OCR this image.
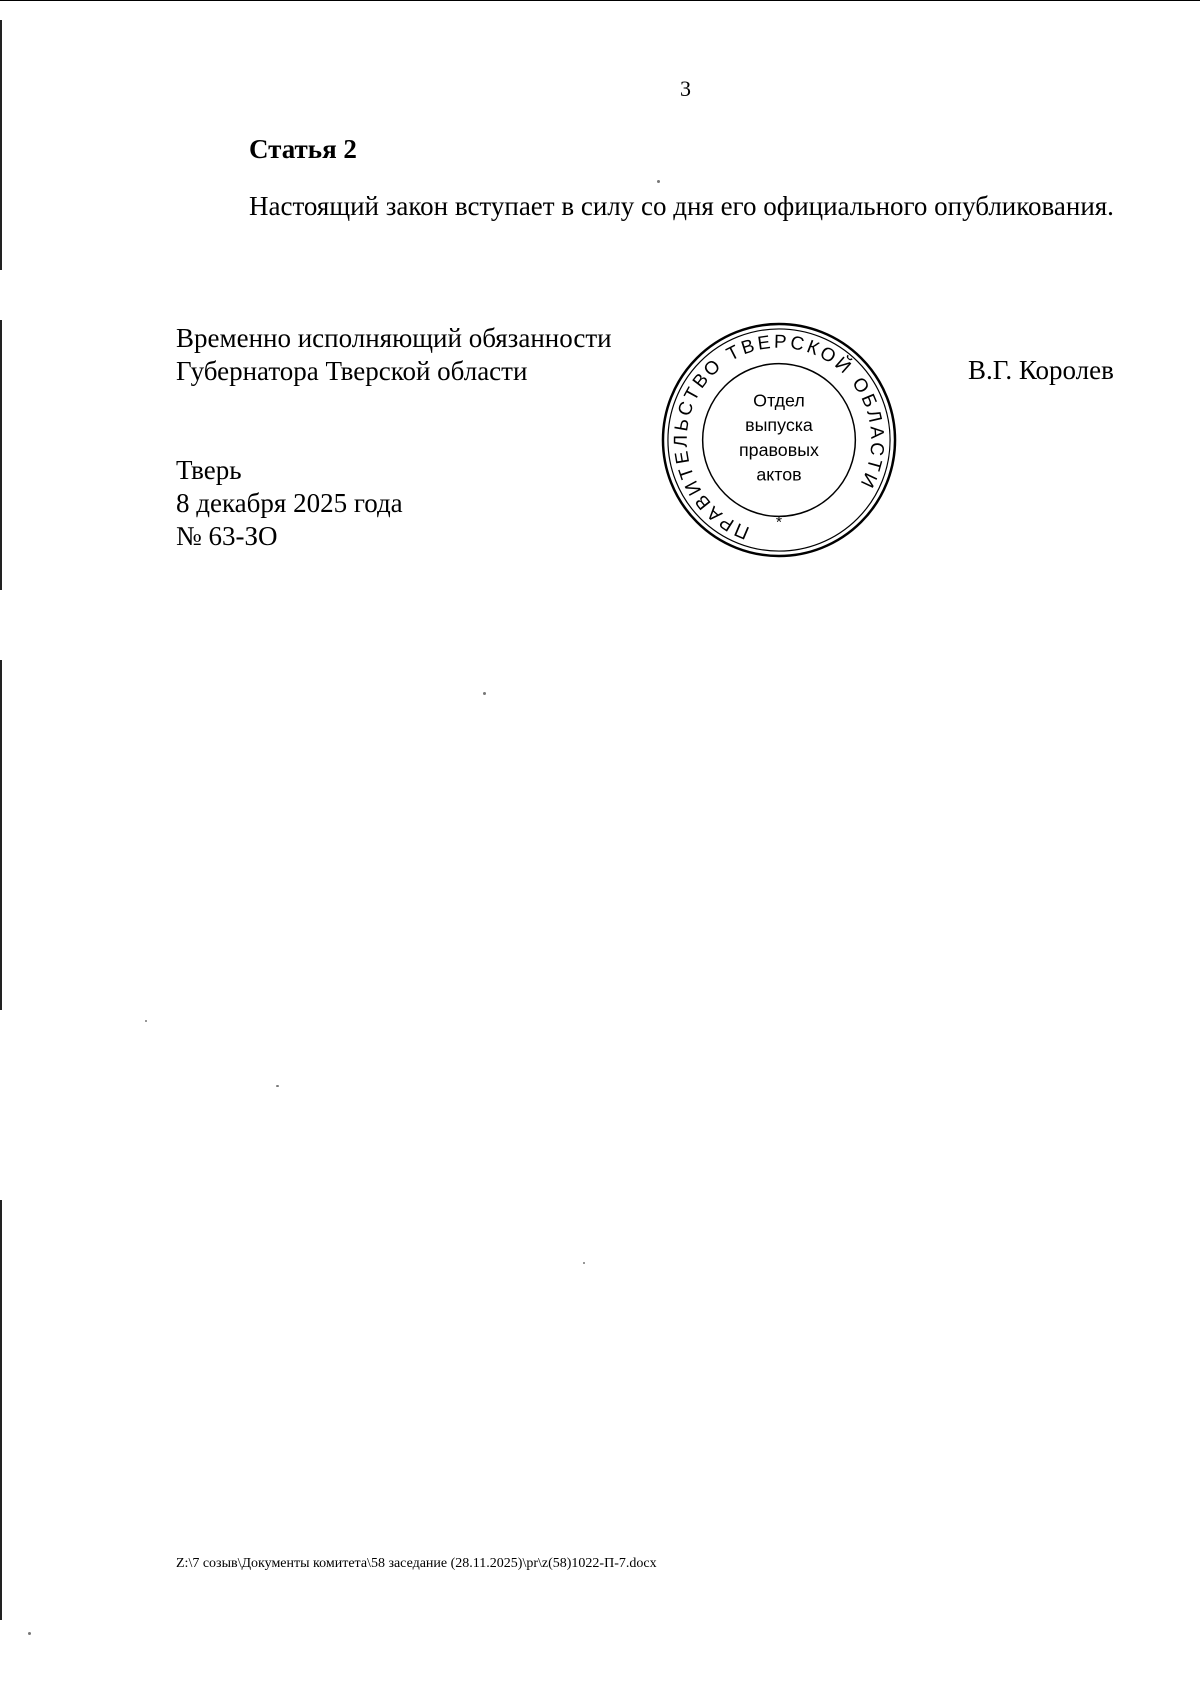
3
Статья 2

Настоящий закон вступает в силу со дня его официального опубликования.

Временно исполняющий обязанности
Губернатора Тверской области	В.Г. Королев
ПРАВИТЕЛЬСТВО ТВЕРСКОЙ ОБЛАСТИ
Отдел
выпуска
правовых
актов
*
Тверь
8 декабря 2025 года
№ 63-ЗО
Z:\7 созыв\Документы комитета\58 заседание (28.11.2025)\pr\z(58)1022-П-7.docx
